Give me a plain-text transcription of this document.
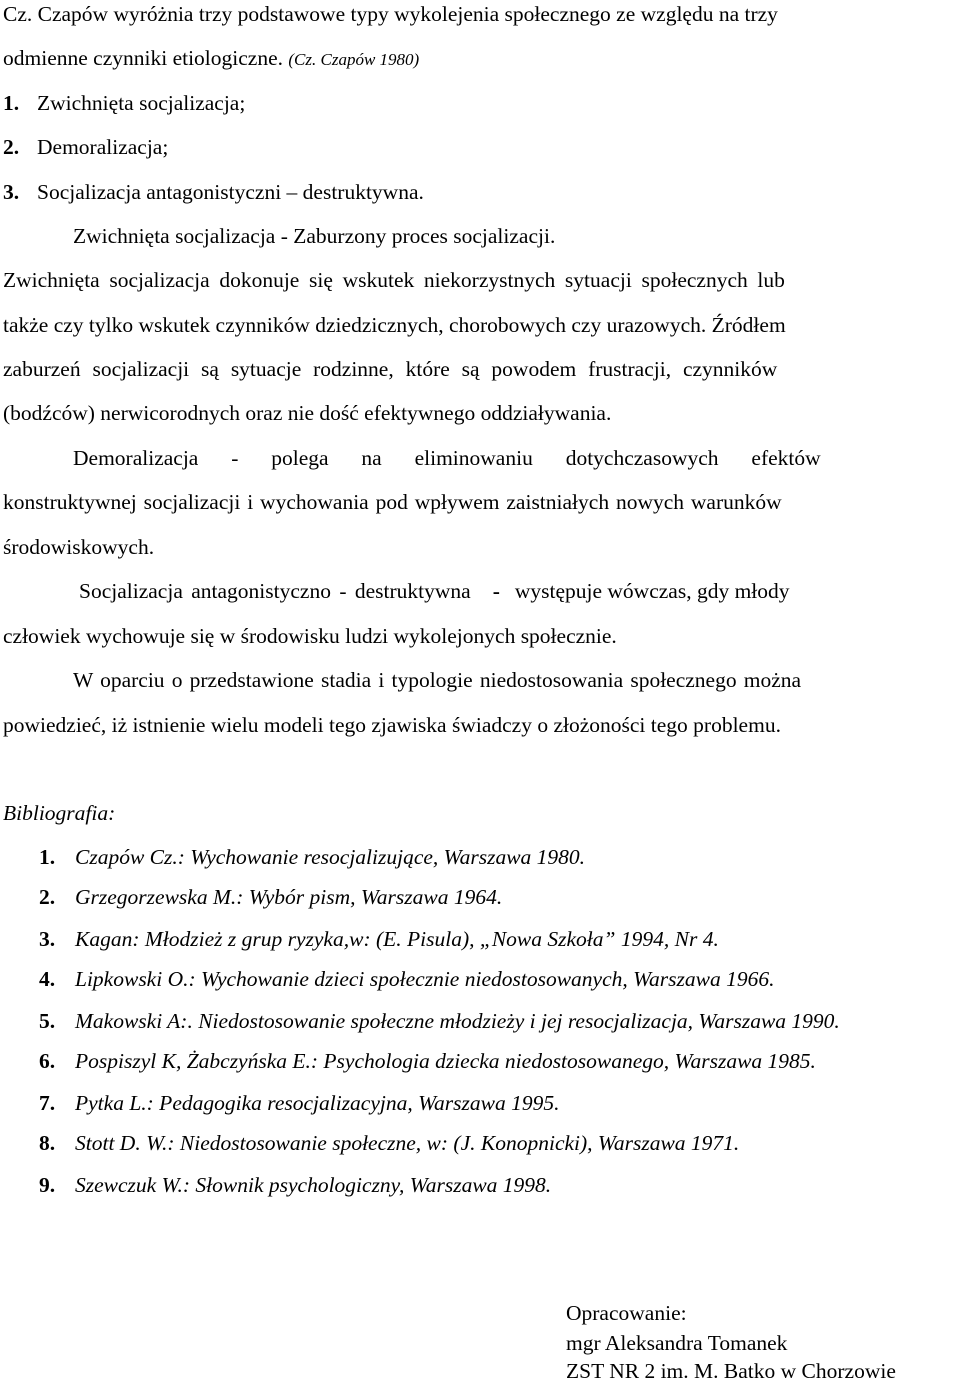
Cz. Czapów wyróżnia trzy podstawowe typy wykolejenia społecznego ze względu na trzy
odmienne czynniki etiologiczne. (Cz. Czapów 1980)
1. Zwichnięta socjalizacja;
2. Demoralizacja;
3. Socjalizacja antagonistyczni – destruktywna.
Zwichnięta socjalizacja - Zaburzony proces socjalizacji.
Zwichnięta socjalizacja dokonuje się wskutek niekorzystnych sytuacji społecznych lub
także czy tylko wskutek czynników dziedzicznych, chorobowych czy urazowych. Źródłem
zaburzeń socjalizacji są sytuacje rodzinne, które są powodem frustracji, czynników
(bodźców) nerwicorodnych oraz nie dość efektywnego oddziaływania.
Demoralizacja - polega na eliminowaniu dotychczasowych efektów
konstruktywnej socjalizacji i wychowania pod wpływem zaistniałych nowych warunków
środowiskowych.
Socjalizacja antagonistyczno - destruktywna - występuje wówczas, gdy młody
człowiek wychowuje się w środowisku ludzi wykolejonych społecznie.
W oparciu o przedstawione stadia i typologie niedostosowania społecznego można
powiedzieć, iż istnienie wielu modeli tego zjawiska świadczy o złożoności tego problemu.
Bibliografia:
1. Czapów Cz.: Wychowanie resocjalizujące, Warszawa 1980.
2. Grzegorzewska M.: Wybór pism, Warszawa 1964.
3. Kagan: Młodzież z grup ryzyka,w: (E. Pisula), „Nowa Szkoła” 1994, Nr 4.
4. Lipkowski O.: Wychowanie dzieci społecznie niedostosowanych, Warszawa 1966.
5. Makowski A:. Niedostosowanie społeczne młodzieży i jej resocjalizacja, Warszawa 1990.
6. Pospiszyl K, Żabczyńska E.: Psychologia dziecka niedostosowanego, Warszawa 1985.
7. Pytka L.: Pedagogika resocjalizacyjna, Warszawa 1995.
8. Stott D. W.: Niedostosowanie społeczne, w: (J. Konopnicki), Warszawa 1971.
9. Szewczuk W.: Słownik psychologiczny, Warszawa 1998.
Opracowanie:
mgr Aleksandra Tomanek
ZST NR 2 im. M. Batko w Chorzowie
